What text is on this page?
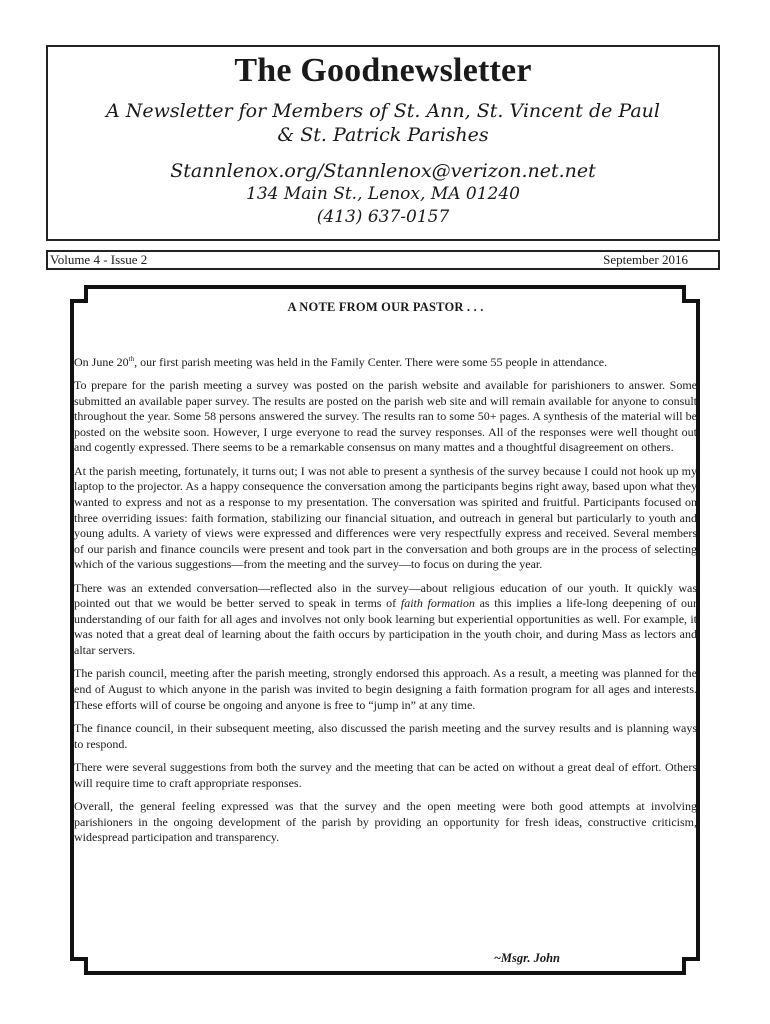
The Goodnewsletter
A Newsletter for Members of St. Ann, St. Vincent de Paul
& St. Patrick Parishes
Stannlenox.org/Stannlenox@verizon.net.net
134 Main St., Lenox, MA 01240
(413) 637-0157
Volume 4 - Issue 2	September 2016
A NOTE FROM OUR PASTOR . . .

On June 20th, our first parish meeting was held in the Family Center. There were some 55 people in attendance.

To prepare for the parish meeting a survey was posted on the parish website and available for parishioners to answer. Some submitted an available paper survey. The results are posted on the parish web site and will remain available for anyone to consult throughout the year. Some 58 persons answered the survey. The results ran to some 50+ pages. A synthesis of the material will be posted on the website soon. However, I urge everyone to read the survey responses. All of the responses were well thought out and cogently expressed. There seems to be a remarkable consensus on many mattes and a thoughtful disagreement on others.

At the parish meeting, fortunately, it turns out; I was not able to present a synthesis of the survey because I could not hook up my laptop to the projector. As a happy consequence the conversation among the participants begins right away, based upon what they wanted to express and not as a response to my presentation. The conversation was spirited and fruitful. Participants focused on three overriding issues: faith formation, stabilizing our financial situation, and outreach in general but particularly to youth and young adults. A variety of views were expressed and differences were very respectfully express and received. Several members of our parish and finance councils were present and took part in the conversation and both groups are in the process of selecting which of the various suggestions—from the meeting and the survey—to focus on during the year.

There was an extended conversation—reflected also in the survey—about religious education of our youth. It quickly was pointed out that we would be better served to speak in terms of faith formation as this implies a life-long deepening of our understanding of our faith for all ages and involves not only book learning but experiential opportunities as well. For example, it was noted that a great deal of learning about the faith occurs by participation in the youth choir, and during Mass as lectors and altar servers.

The parish council, meeting after the parish meeting, strongly endorsed this approach. As a result, a meeting was planned for the end of August to which anyone in the parish was invited to begin designing a faith formation program for all ages and interests. These efforts will of course be ongoing and anyone is free to “jump in” at any time.

The finance council, in their subsequent meeting, also discussed the parish meeting and the survey results and is planning ways to respond.

There were several suggestions from both the survey and the meeting that can be acted on without a great deal of effort. Others will require time to craft appropriate responses.

Overall, the general feeling expressed was that the survey and the open meeting were both good attempts at involving parishioners in the ongoing development of the parish by providing an opportunity for fresh ideas, constructive criticism, widespread participation and transparency.

~Msgr. John
